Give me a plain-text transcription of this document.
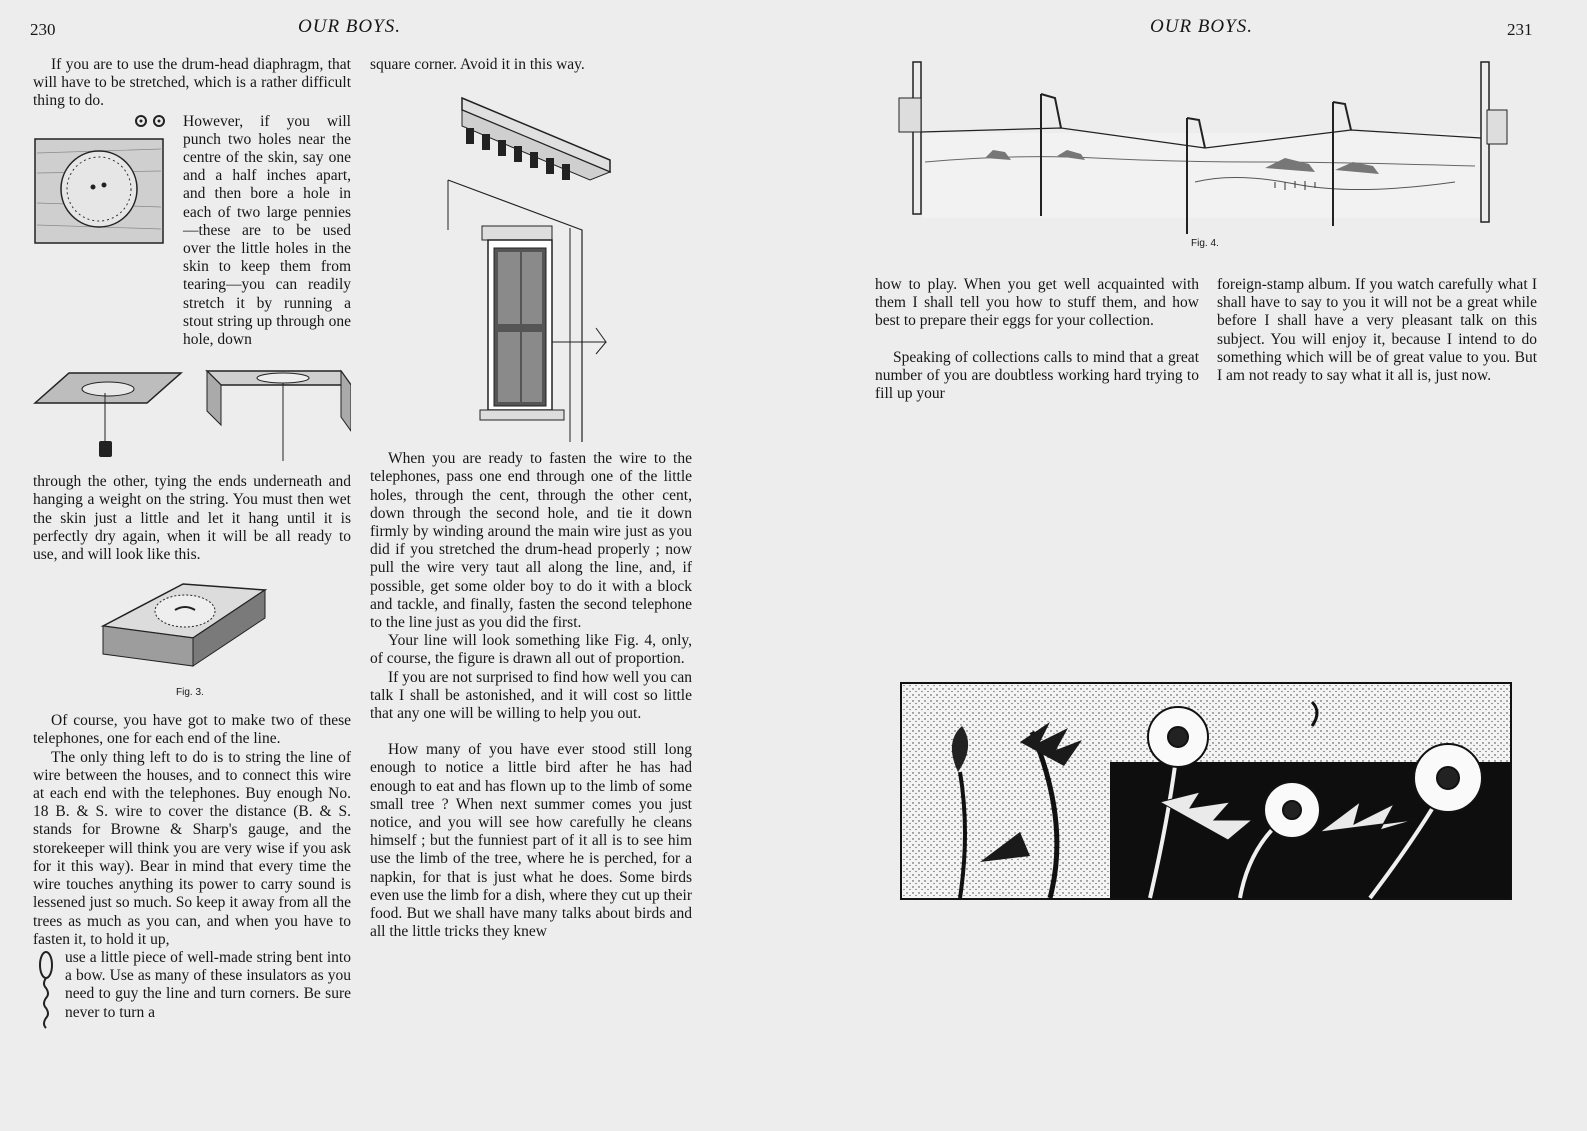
230	OUR BOYS.

If you are to use the drum-head diaphragm, that will have to be stretched, which is a rather difficult thing to do.

However, if you will punch two holes near the centre of the skin, say one and a half inches apart, and then bore a hole in each of two large pennies—these are to be used over the little holes in the skin to keep them from tearing—you can readily stretch it by running a stout string up through one hole, down

through the other, tying the ends underneath and hanging a weight on the string. You must then wet the skin just a little and let it hang until it is perfectly dry again, when it will be all ready to use, and will look like this.

Fig. 3.

Of course, you have got to make two of these telephones, one for each end of the line.

The only thing left to do is to string the line of wire between the houses, and to connect this wire at each end with the telephones. Buy enough No. 18 B. & S. wire to cover the distance (B. & S. stands for Browne & Sharp's gauge, and the storekeeper will think you are very wise if you ask for it this way). Bear in mind that every time the wire touches anything its power to carry sound is lessened just so much. So keep it away from all the trees as much as you can, and when you have to fasten it, to hold it up,

use a little piece of well-made string bent into a bow. Use as many of these insulators as you need to guy the line and turn corners. Be sure never to turn a

square corner. Avoid it in this way.

When you are ready to fasten the wire to the telephones, pass one end through one of the little holes, through the cent, through the other cent, down through the second hole, and tie it down firmly by winding around the main wire just as you did if you stretched the drum-head properly ; now pull the wire very taut all along the line, and, if possible, get some older boy to do it with a block and tackle, and finally, fasten the second telephone to the line just as you did the first.

Your line will look something like Fig. 4, only, of course, the figure is drawn all out of proportion.

If you are not surprised to find how well you can talk I shall be astonished, and it will cost so little that any one will be willing to help you out.

How many of you have ever stood still long enough to notice a little bird after he has had enough to eat and has flown up to the limb of some small tree ? When next summer comes you just notice, and you will see how carefully he cleans himself ; but the funniest part of it all is to see him use the limb of the tree, where he is perched, for a napkin, for that is just what he does. Some birds even use the limb for a dish, where they cut up their food. But we shall have many talks about birds and all the little tricks they knew

OUR BOYS.	231
Fig. 4.

how to play. When you get well acquainted with them I shall tell you how to stuff them, and how best to prepare their eggs for your collection.

Speaking of collections calls to mind that a great number of you are doubtless working hard trying to fill up your

foreign-stamp album. If you watch carefully what I shall have to say to you it will not be a great while before I shall have a very pleasant talk on this subject. You will enjoy it, because I intend to do something which will be of great value to you. But I am not ready to say what it all is, just now.
